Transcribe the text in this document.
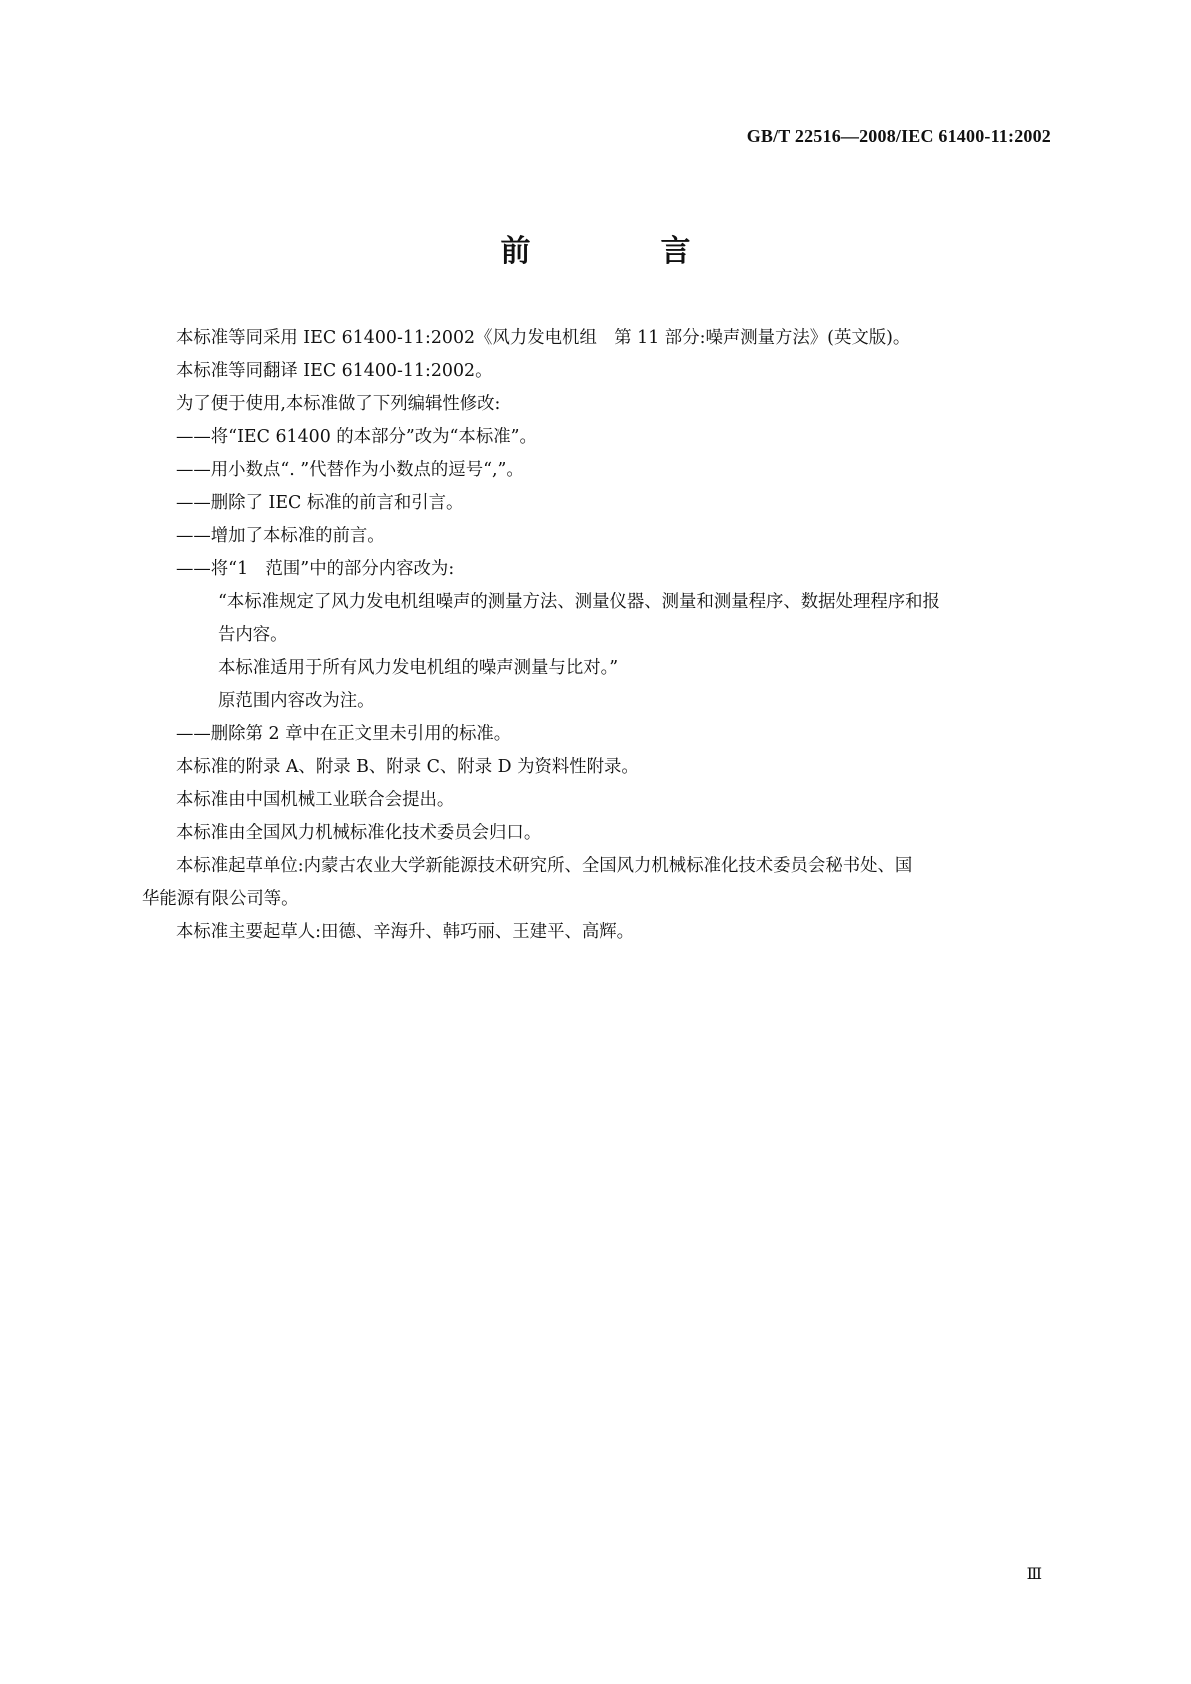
GB/T 22516—2008/IEC 61400-11:2002
前　言

本标准等同采用 IEC 61400-11:2002《风力发电机组　第 11 部分:噪声测量方法》(英文版)。

本标准等同翻译 IEC 61400-11:2002。

为了便于使用,本标准做了下列编辑性修改:

——将“IEC 61400 的本部分”改为“本标准”。

——用小数点“. ”代替作为小数点的逗号“,”。

——删除了 IEC 标准的前言和引言。

——增加了本标准的前言。

——将“1　范围”中的部分内容改为:

“本标准规定了风力发电机组噪声的测量方法、测量仪器、测量和测量程序、数据处理程序和报

告内容。

本标准适用于所有风力发电机组的噪声测量与比对。”

原范围内容改为注。

——删除第 2 章中在正文里未引用的标准。

本标准的附录 A、附录 B、附录 C、附录 D 为资料性附录。

本标准由中国机械工业联合会提出。

本标准由全国风力机械标准化技术委员会归口。

本标准起草单位:内蒙古农业大学新能源技术研究所、全国风力机械标准化技术委员会秘书处、国

华能源有限公司等。

本标准主要起草人:田德、辛海升、韩巧丽、王建平、高辉。

Ⅲ
